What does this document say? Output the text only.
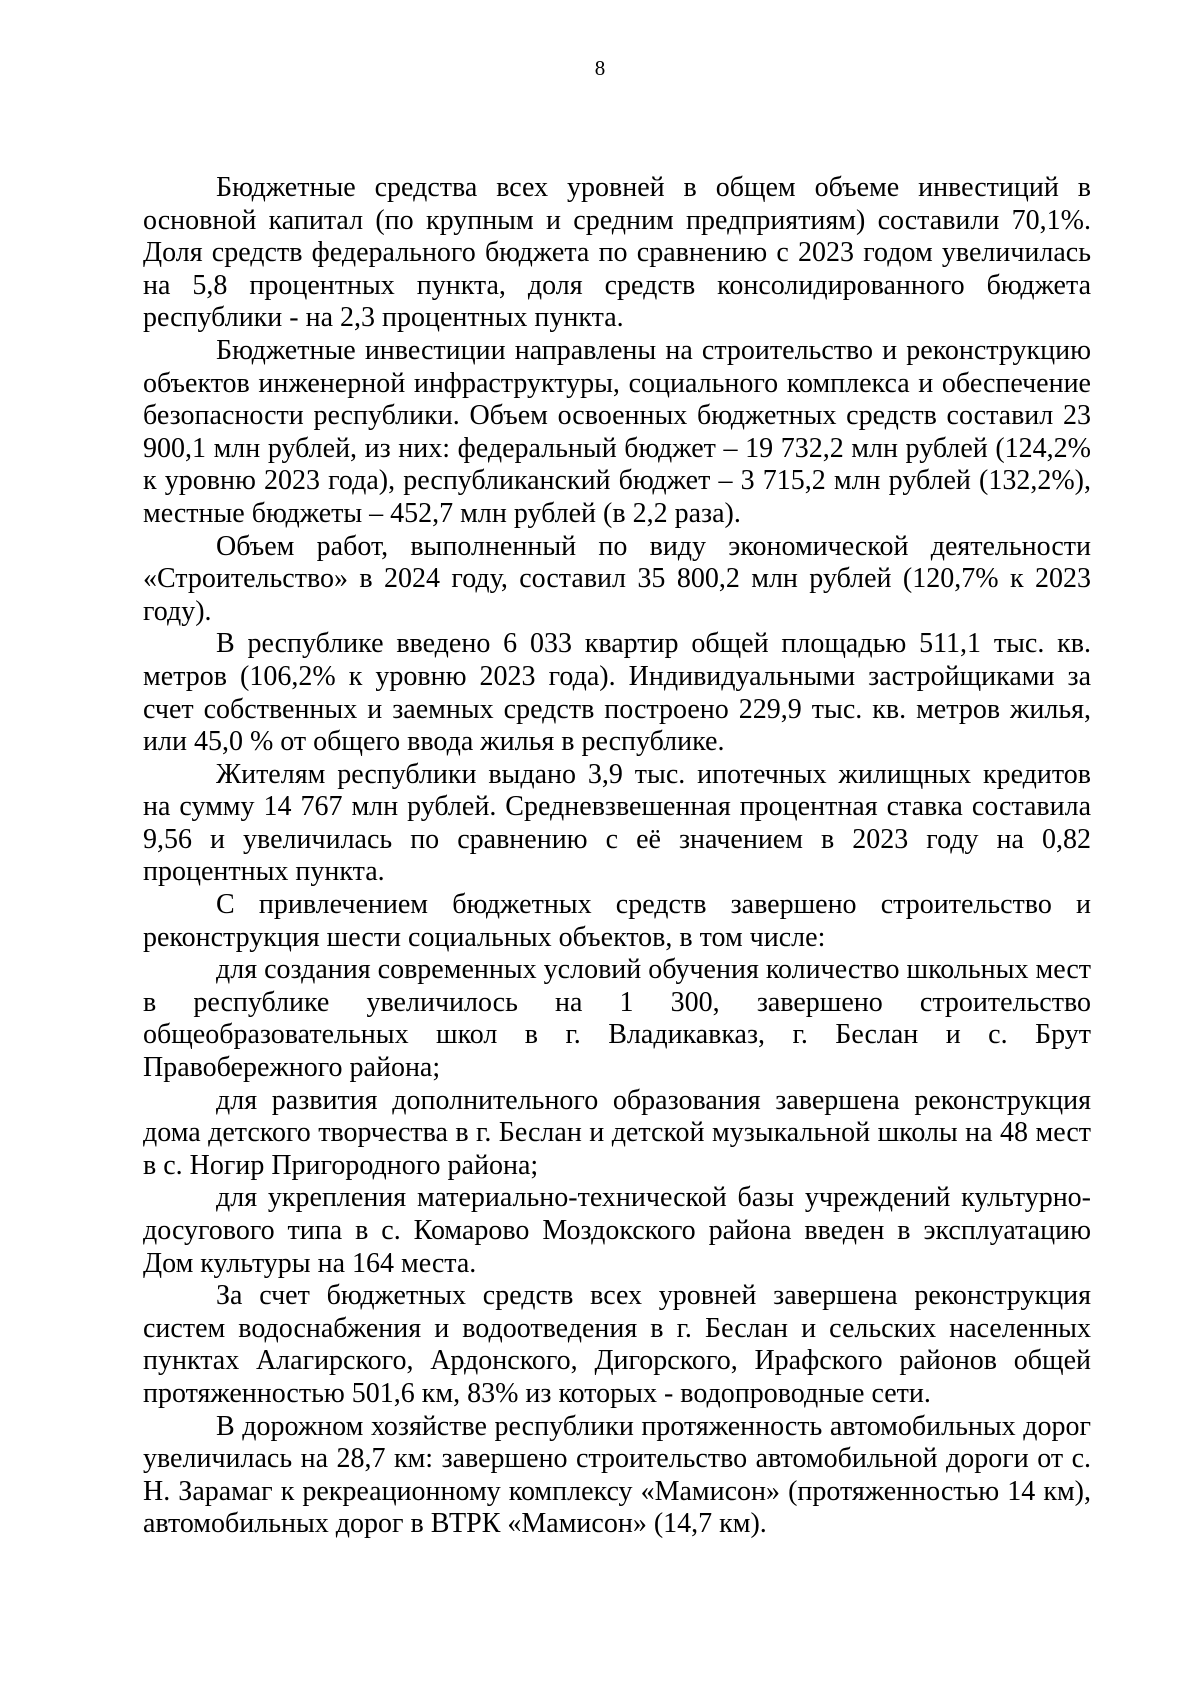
8

Бюджетные средства всех уровней в общем объеме инвестиций в основной капитал (по крупным и средним предприятиям) составили 70,1%. Доля средств федерального бюджета по сравнению с 2023 годом увеличилась на 5,8 процентных пункта, доля средств консолидированного бюджета республики - на 2,3 процентных пункта.

Бюджетные инвестиции направлены на строительство и реконструкцию объектов инженерной инфраструктуры, социального комплекса и обеспечение безопасности республики. Объем освоенных бюджетных средств составил 23 900,1 млн рублей, из них: федеральный бюджет – 19 732,2 млн рублей (124,2% к уровню 2023 года), республиканский бюджет – 3 715,2 млн рублей (132,2%), местные бюджеты – 452,7 млн рублей (в 2,2 раза).

Объем работ, выполненный по виду экономической деятельности «Строительство» в 2024 году, составил 35 800,2 млн рублей (120,7% к 2023 году).

В республике введено 6 033 квартир общей площадью 511,1 тыс. кв. метров (106,2% к уровню 2023 года). Индивидуальными застройщиками за счет собственных и заемных средств построено 229,9 тыс. кв. метров жилья, или 45,0 % от общего ввода жилья в республике.

Жителям республики выдано 3,9 тыс. ипотечных жилищных кредитов на сумму 14 767 млн рублей. Средневзвешенная процентная ставка составила 9,56 и увеличилась по сравнению с её значением в 2023 году на 0,82 процентных пункта.

С привлечением бюджетных средств завершено строительство и реконструкция шести социальных объектов, в том числе:

для создания современных условий обучения количество школьных мест в республике увеличилось на 1 300, завершено строительство общеобразовательных школ в г. Владикавказ, г. Беслан и с. Брут Правобережного района;

для развития дополнительного образования завершена реконструкция дома детского творчества в г. Беслан и детской музыкальной школы на 48 мест в с. Ногир Пригородного района;

для укрепления материально-технической базы учреждений культурно-досугового типа в с. Комарово Моздокского района введен в эксплуатацию Дом культуры на 164 места.

За счет бюджетных средств всех уровней завершена реконструкция систем водоснабжения и водоотведения в г. Беслан и сельских населенных пунктах Алагирского, Ардонского, Дигорского, Ирафского районов общей протяженностью 501,6 км, 83% из которых - водопроводные сети.

В дорожном хозяйстве республики протяженность автомобильных дорог увеличилась на 28,7 км: завершено строительство автомобильной дороги от с. Н. Зарамаг к рекреационному комплексу «Мамисон» (протяженностью 14 км), автомобильных дорог в ВТРК «Мамисон» (14,7 км).
